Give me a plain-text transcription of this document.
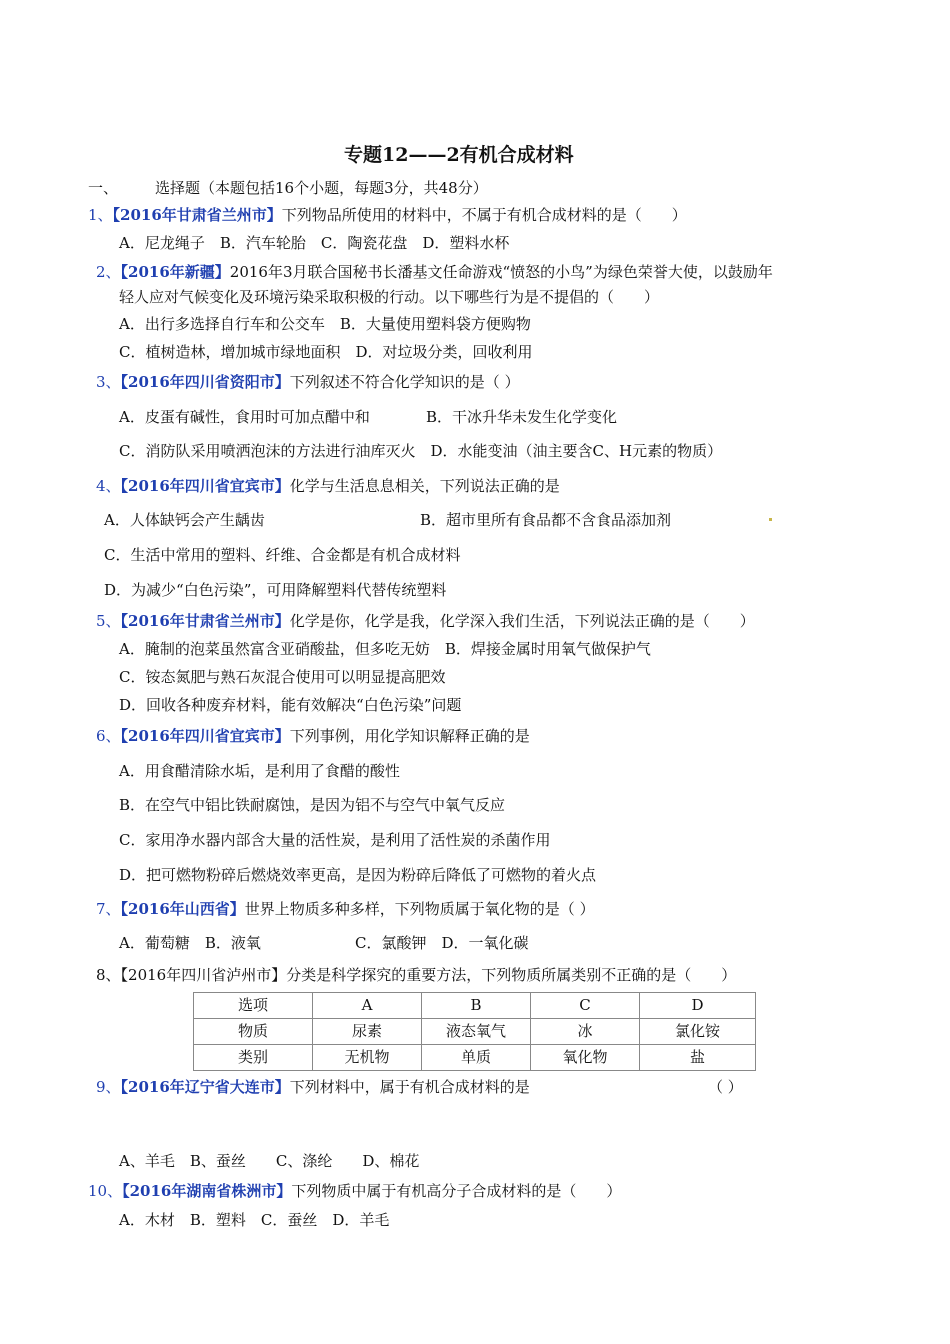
专题12——2有机合成材料
一、 选择题（本题包括16个小题，每题3分，共48分）
1、【2016年甘肃省兰州市】下列物品所使用的材料中，不属于有机合成材料的是（　　）
A．尼龙绳子　B．汽车轮胎　C．陶瓷花盘　D．塑料水杯
2、【2016年新疆】2016年3月联合国秘书长潘基文任命游戏“愤怒的小鸟”为绿色荣誉大使，以鼓励年
轻人应对气候变化及环境污染采取积极的行动。以下哪些行为是不提倡的（　　）
A．出行多选择自行车和公交车　B．大量使用塑料袋方便购物
C．植树造林，增加城市绿地面积　D．对垃圾分类，回收利用
3、【2016年四川省资阳市】下列叙述不符合化学知识的是（ ）
A．皮蛋有碱性，食用时可加点醋中和	B．干冰升华未发生化学变化
C．消防队采用喷洒泡沫的方法进行油库灭火　D．水能变油（油主要含C、H元素的物质）
4、【2016年四川省宜宾市】化学与生活息息相关，下列说法正确的是
A．人体缺钙会产生龋齿	B．超市里所有食品都不含食品添加剂
C．生活中常用的塑料、纤维、合金都是有机合成材料
D．为减少“白色污染”，可用降解塑料代替传统塑料
5、【2016年甘肃省兰州市】化学是你，化学是我，化学深入我们生活，下列说法正确的是（　　）
A．腌制的泡菜虽然富含亚硝酸盐，但多吃无妨　B．焊接金属时用氧气做保护气
C．铵态氮肥与熟石灰混合使用可以明显提高肥效
D．回收各种废弃材料，能有效解决“白色污染”问题
6、【2016年四川省宜宾市】下列事例，用化学知识解释正确的是
A．用食醋清除水垢，是利用了食醋的酸性
B．在空气中铝比铁耐腐蚀，是因为铝不与空气中氧气反应
C．家用净水器内部含大量的活性炭，是利用了活性炭的杀菌作用
D．把可燃物粉碎后燃烧效率更高，是因为粉碎后降低了可燃物的着火点
7、【2016年山西省】世界上物质多种多样，下列物质属于氧化物的是（ ）
A．葡萄糖　B．液氧	C．氯酸钾　D．一氧化碳
8、【2016年四川省泸州市】分类是科学探究的重要方法，下列物质所属类别不正确的是（　　）
选项	A	B	C	D
物质	尿素	液态氧气	冰	氯化铵
类别	无机物	单质	氧化物	盐
9、【2016年辽宁省大连市】下列材料中，属于有机合成材料的是	（ ）
A、羊毛　B、蚕丝　　C、涤纶　　D、棉花
10、【2016年湖南省株洲市】下列物质中属于有机高分子合成材料的是（　　）
A．木材　B．塑料　C．蚕丝　D．羊毛
